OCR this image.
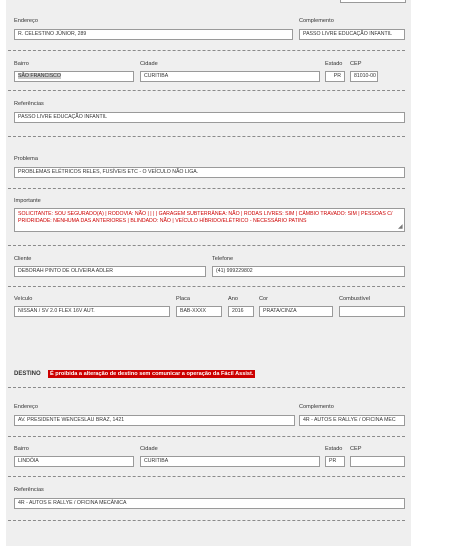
Endereço
R. CELESTINO JÚNIOR, 289
Complemento
PASSO LIVRE EDUCAÇÃO INFANTIL
Bairro
SÃO FRANCISCO
Cidade
CURITIBA
Estado
PR
CEP
81010-00
Referências
PASSO LIVRE EDUCAÇÃO INFANTIL
Problema
PROBLEMAS ELÉTRICOS RELES, FUSÍVEIS ETC - O VEÍCULO NÃO LIGA.
Importante
SOLICITANTE: SOU SEGURADO(A) | RODOVIA: NÃO | | | | GARAGEM SUBTERRÂNEA: NÃO | RODAS LIVRES: SIM | CÂMBIO TRAVADO: SIM | PESSOAS C/ PRIORIDADE: NENHUMA DAS ANTERIORES | BLINDADO: NÃO | VEÍCULO HÍBRIDO/ELÉTRICO - NECESSÁRIO PATINS
◢
Cliente
DEBORAH PINTO DE OLIVEIRA ADLER
Telefone
(41) 999229802
Veículo
NISSAN / SV 2.0 FLEX 16V AUT.
Placa
BAB-XXXX
Ano
2016
Cor
PRATA/CINZA
Combustível
DESTINO	É proibida a alteração de destino sem comunicar a operação da Fácil Assist.
Endereço
AV. PRESIDENTE WENCESLAU BRAZ, 1421
Complemento
4R - AUTOS E RALLYE / OFICINA MEC
Bairro
LINDÓIA
Cidade
CURITIBA
Estado
PR
CEP
Referências
4R - AUTOS E RALLYE / OFICINA MECÂNICA
